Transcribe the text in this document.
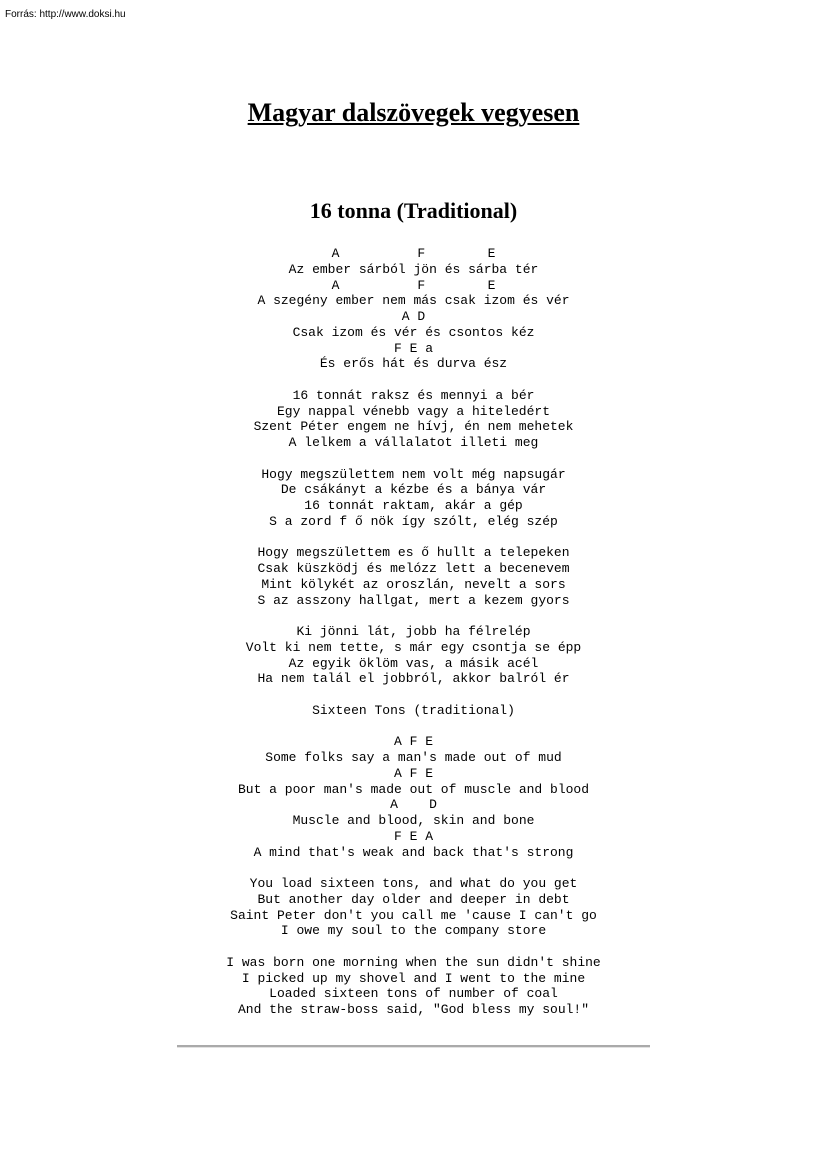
Forrás: http://www.doksi.hu
Magyar dalszövegek vegyesen
16 tonna (Traditional)
A          F        E
Az ember sárból jön és sárba tér
A          F        E
A szegény ember nem más csak izom és vér
A D
Csak izom és vér és csontos kéz
F E a
És erős hát és durva ész
16 tonnát raksz és mennyi a bér
Egy nappal vénebb vagy a hiteledért
Szent Péter engem ne hívj, én nem mehetek
A lelkem a vállalatot illeti meg
Hogy megszülettem nem volt még napsugár
De csákányt a kézbe és a bánya vár
16 tonnát raktam, akár a gép
S a zord f ő nök így szólt, elég szép
Hogy megszülettem es ő hullt a telepeken
Csak küszködj és melózz lett a becenevem
Mint kölykét az oroszlán, nevelt a sors
S az asszony hallgat, mert a kezem gyors
Ki jönni lát, jobb ha félrelép
Volt ki nem tette, s már egy csontja se épp
Az egyik öklöm vas, a másik acél
Ha nem talál el jobbról, akkor balról ér
Sixteen Tons (traditional)
A F E
Some folks say a man's made out of mud
A F E
But a poor man's made out of muscle and blood
A    D
Muscle and blood, skin and bone
F E A
A mind that's weak and back that's strong
You load sixteen tons, and what do you get
But another day older and deeper in debt
Saint Peter don't you call me 'cause I can't go
I owe my soul to the company store
I was born one morning when the sun didn't shine
I picked up my shovel and I went to the mine
Loaded sixteen tons of number of coal
And the straw-boss said, "God bless my soul!"
